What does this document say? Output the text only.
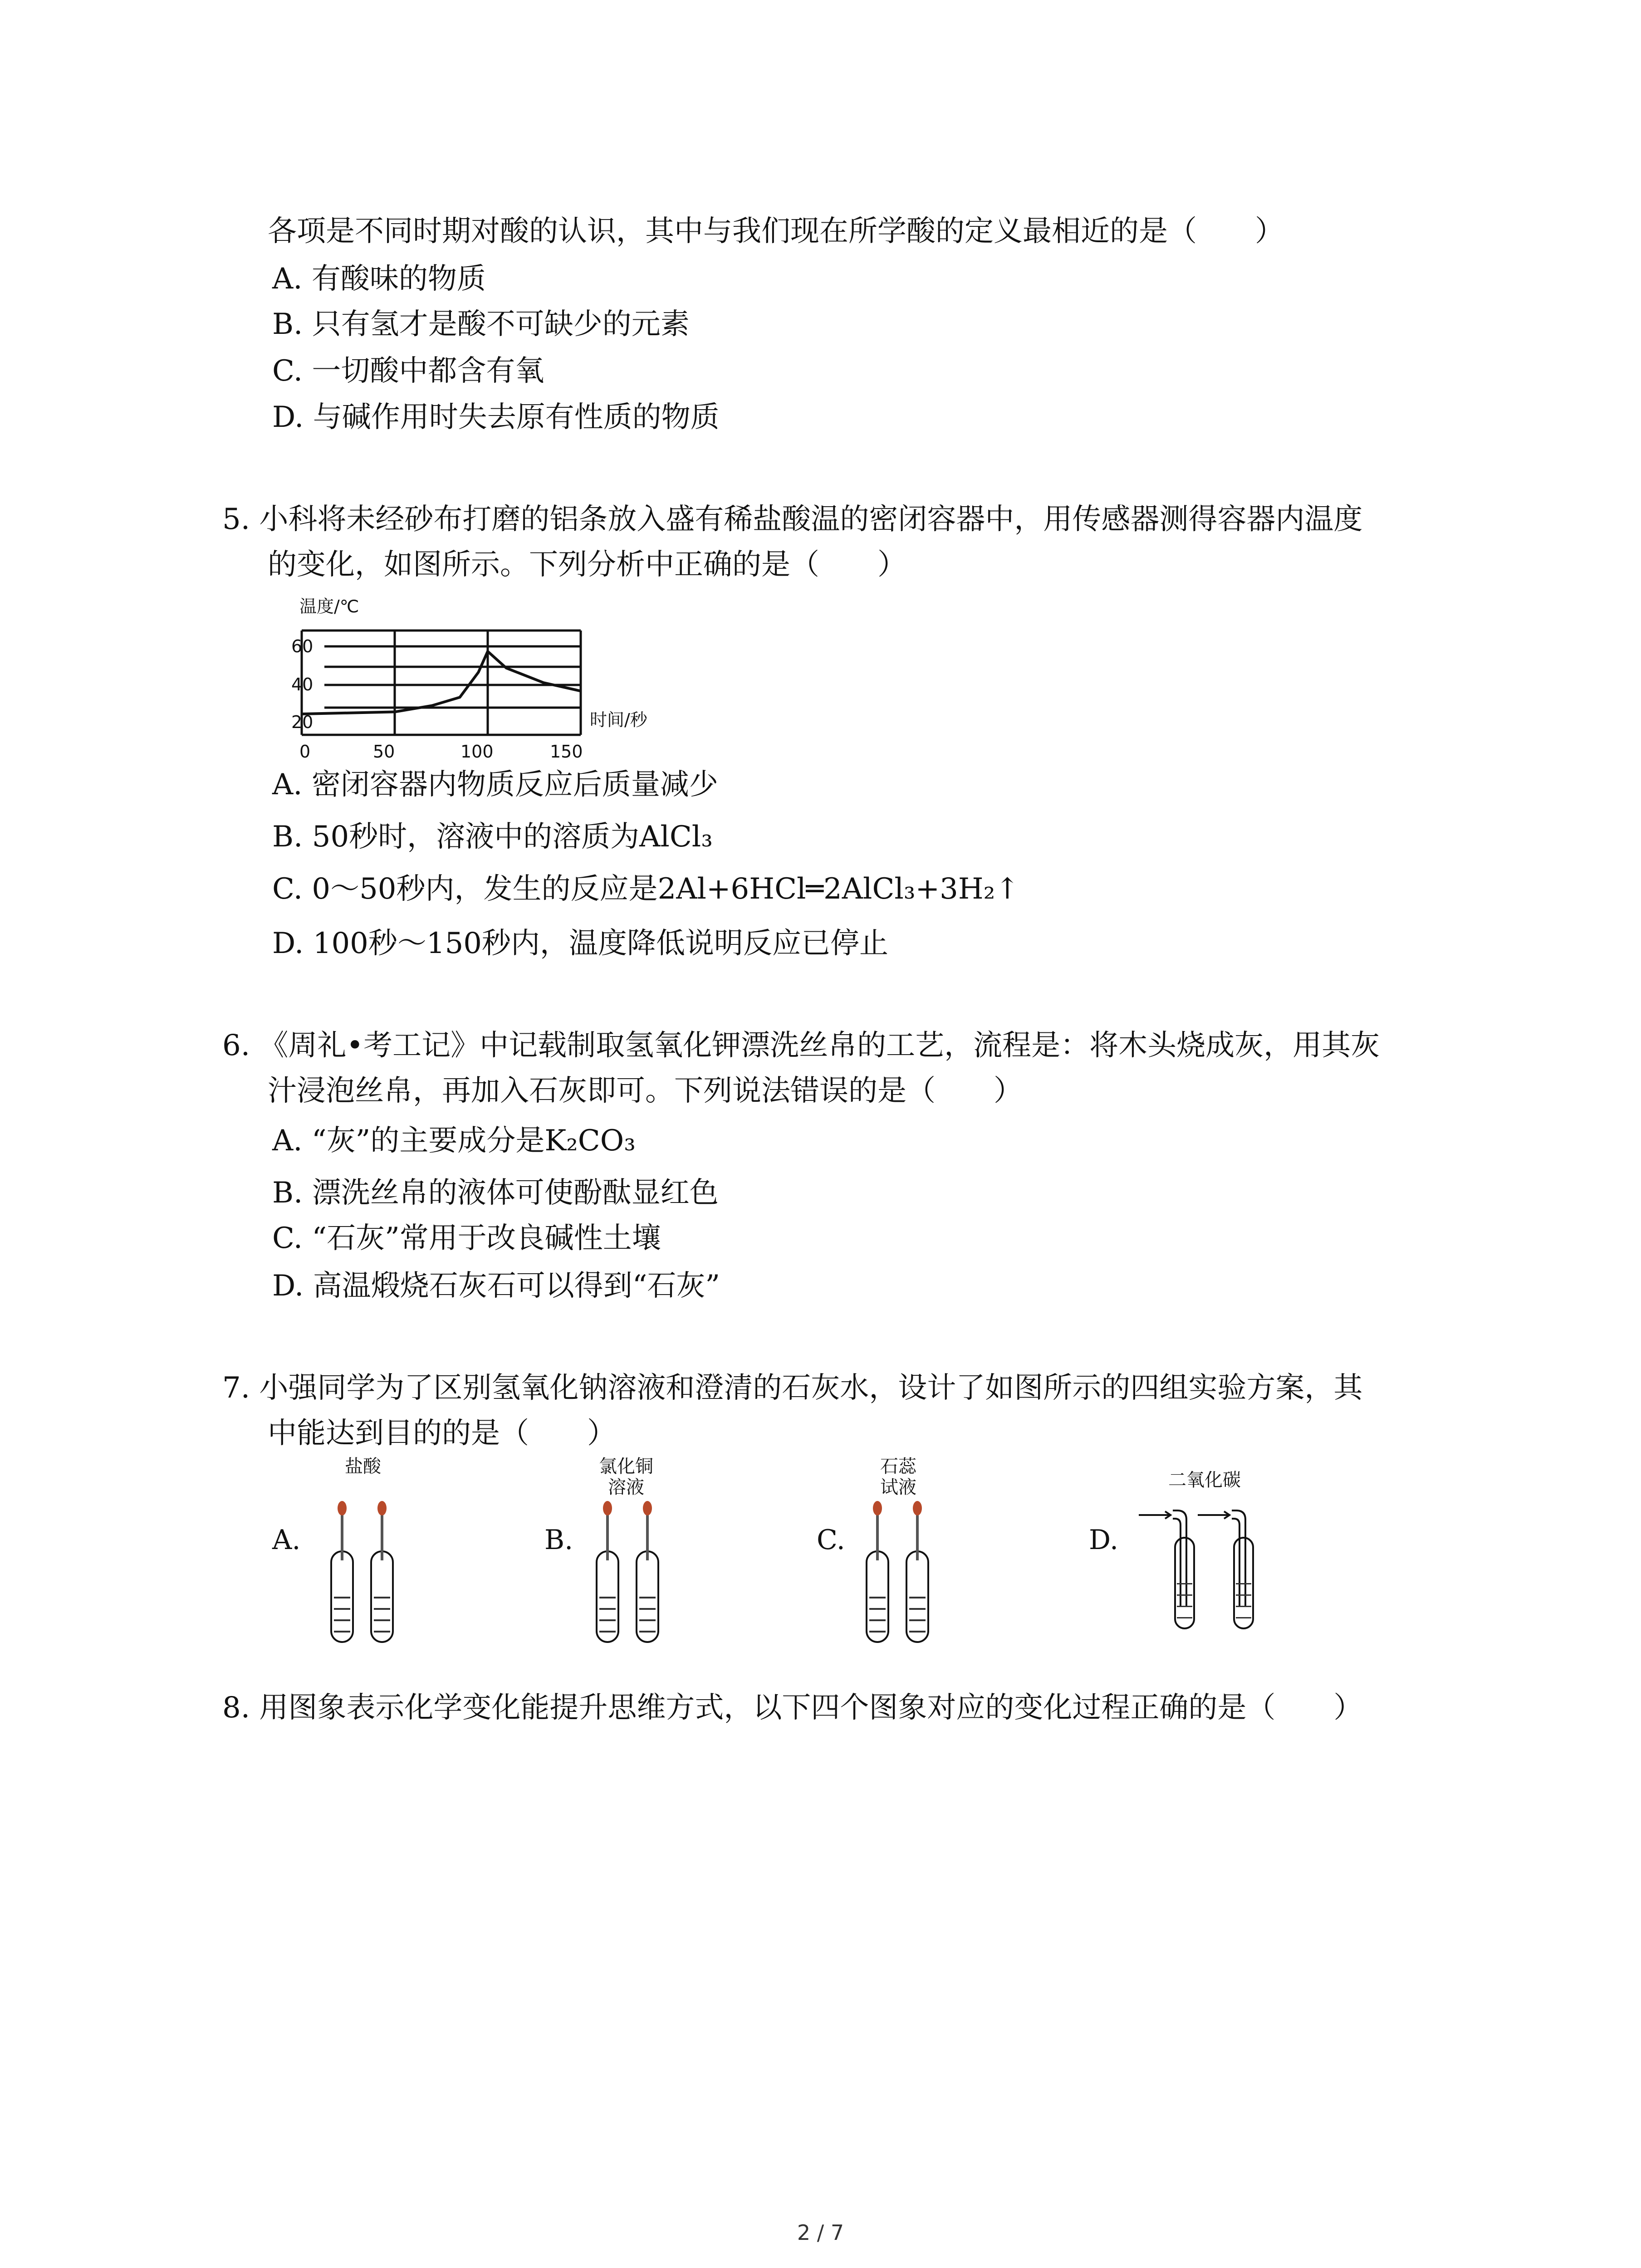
各项是不同时期对酸的认识，其中与我们现在所学酸的定义最相近的是（　　）
A. 有酸味的物质
B. 只有氢才是酸不可缺少的元素
C. 一切酸中都含有氧
D. 与碱作用时失去原有性质的物质
5. 小科将未经砂布打磨的铝条放入盛有稀盐酸温的密闭容器中，用传感器测得容器内温度
的变化，如图所示。下列分析中正确的是（　　）
温度/℃
时间/秒
60
40
20
0	50	100	150
A. 密闭容器内物质反应后质量减少
B. 50秒时，溶液中的溶质为AlCl₃
C. 0～50秒内，发生的反应是2Al+6HCl═2AlCl₃+3H₂↑
D. 100秒～150秒内，温度降低说明反应已停止
6. 《周礼•考工记》中记载制取氢氧化钾漂洗丝帛的工艺，流程是：将木头烧成灰，用其灰
汁浸泡丝帛，再加入石灰即可。下列说法错误的是（　　）
A. “灰”的主要成分是K₂CO₃
B. 漂洗丝帛的液体可使酚酞显红色
C. “石灰”常用于改良碱性土壤
D. 高温煅烧石灰石可以得到“石灰”
7. 小强同学为了区别氢氧化钠溶液和澄清的石灰水，设计了如图所示的四组实验方案，其
中能达到目的的是（　　）
A.
盐酸
B.
氯化铜
溶液
C.
石蕊
试液
D.
二氧化碳
8. 用图象表示化学变化能提升思维方式，以下四个图象对应的变化过程正确的是（　　）
2 / 7
